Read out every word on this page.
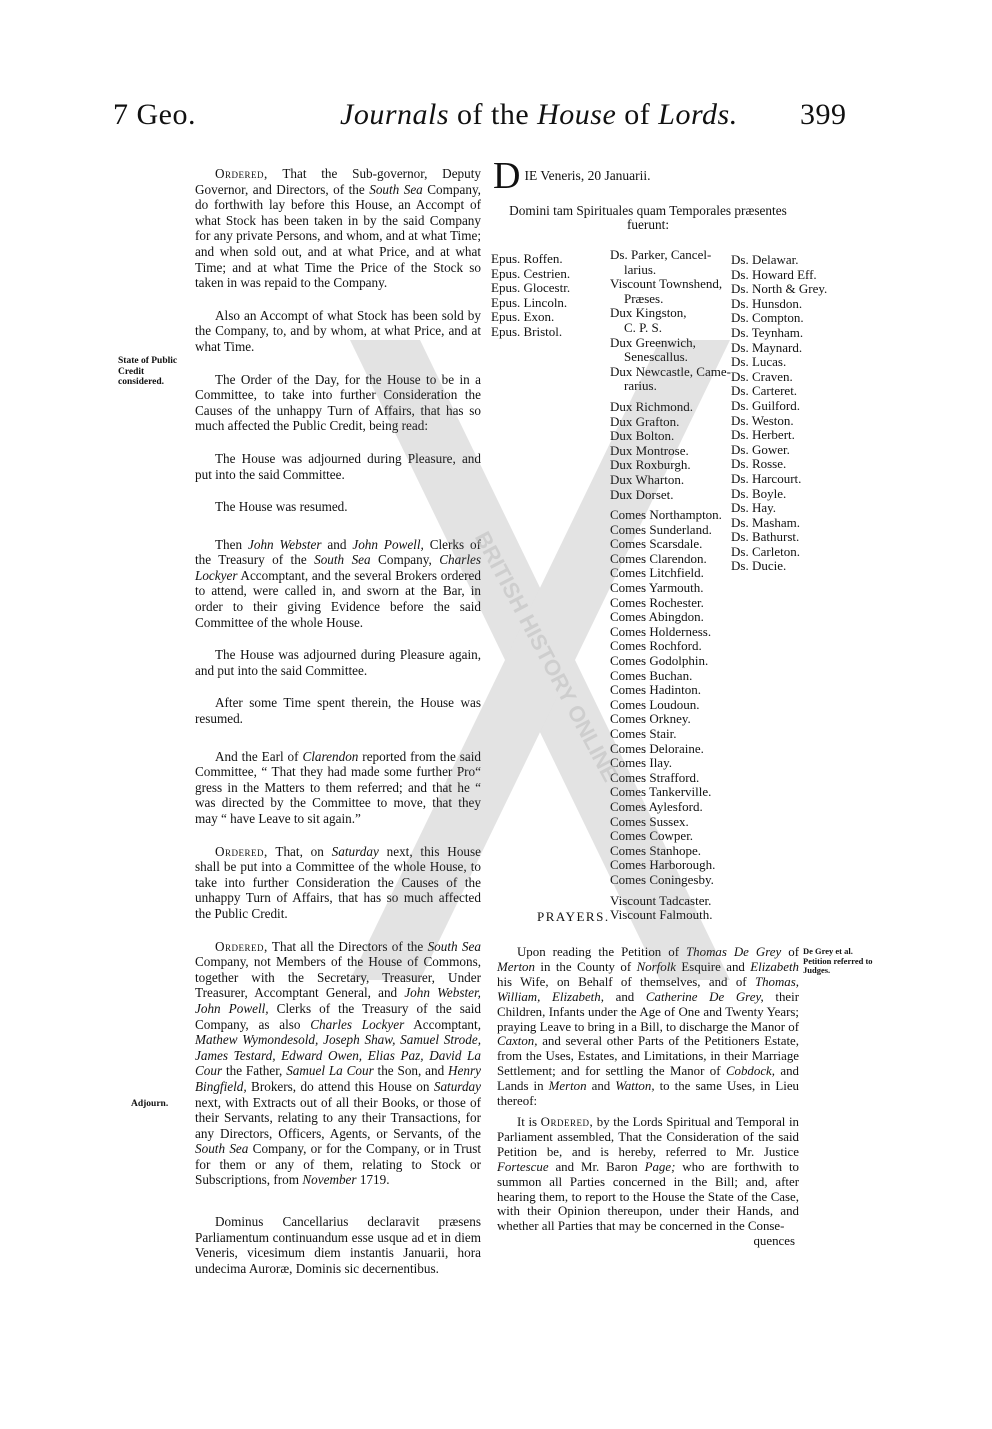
7 Geo.	Journals of the House of Lords. 399
State of Public Credit considered.
Adjourn.
De Grey et al. Petition referred to Judges.

Ordered, That the Sub-governor, Deputy Governor, and Directors, of the South Sea Company, do forthwith lay before this House, an Accompt of what Stock has been taken in by the said Company for any private Persons, and whom, and at what Time; and when sold out, and at what Price, and at what Time; and at what Time the Price of the Stock so taken in was repaid to the Company.

Also an Accompt of what Stock has been sold by the Company, to, and by whom, at what Price, and at what Time.

The Order of the Day, for the House to be in a Committee, to take into further Consideration the Causes of the unhappy Turn of Affairs, that has so much affected the Public Credit, being read:

The House was adjourned during Pleasure, and put into the said Committee.

The House was resumed.

Then John Webster and John Powell, Clerks of the Treasury of the South Sea Company, Charles Lockyer Accomptant, and the several Brokers ordered to attend, were called in, and sworn at the Bar, in order to their giving Evidence before the said Committee of the whole House.

The House was adjourned during Pleasure again, and put into the said Committee.

After some Time spent therein, the House was resumed.

And the Earl of Clarendon reported from the said Committee, “ That they had made some further Pro“ gress in the Matters to them referred; and that he “ was directed by the Committee to move, that they may “ have Leave to sit again.”

Ordered, That, on Saturday next, this House shall be put into a Committee of the whole House, to take into further Consideration the Causes of the unhappy Turn of Affairs, that has so much affected the Public Credit.

Ordered, That all the Directors of the South Sea Company, not Members of the House of Commons, together with the Secretary, Treasurer, Under Treasurer, Accomptant General, and John Webster, John Powell, Clerks of the Treasury of the said Company, as also Charles Lockyer Accomptant, Mathew Wymondesold, Joseph Shaw, Samuel Strode, James Testard, Edward Owen, Elias Paz, David La Cour the Father, Samuel La Cour the Son, and Henry Bingfield, Brokers, do attend this House on Saturday next, with Extracts out of all their Books, or those of their Servants, relating to any their Transactions, for any Directors, Officers, Agents, or Servants, of the South Sea Company, or for the Company, or in Trust for them or any of them, relating to Stock or Subscriptions, from November 1719.

Dominus Cancellarius declaravit præsens Parliamentum continuandum esse usque ad et in diem Veneris, vicesimum diem instantis Januarii, hora undecima Auroræ, Dominis sic decernentibus.

DIE Veneris, 20 Januarii.
Domini tam Spirituales quam Temporales præsentes
fuerunt:
Epus. Roffen.
Epus. Cestrien.
Epus. Glocestr.
Epus. Lincoln.
Epus. Exon.
Epus. Bristol.
Ds. Parker, Cancel-
larius.
Viscount Townshend,
Præses.
Dux Kingston,
C. P. S.
Dux Greenwich,
Senescallus.
Dux Newcastle, Came-
rarius.
Dux Richmond.
Dux Grafton.
Dux Bolton.
Dux Montrose.
Dux Roxburgh.
Dux Wharton.
Dux Dorset.
Comes Northampton.
Comes Sunderland.
Comes Scarsdale.
Comes Clarendon.
Comes Litchfield.
Comes Yarmouth.
Comes Rochester.
Comes Abingdon.
Comes Holderness.
Comes Rochford.
Comes Godolphin.
Comes Buchan.
Comes Hadinton.
Comes Loudoun.
Comes Orkney.
Comes Stair.
Comes Deloraine.
Comes Ilay.
Comes Strafford.
Comes Tankerville.
Comes Aylesford.
Comes Sussex.
Comes Cowper.
Comes Stanhope.
Comes Harborough.
Comes Coningesby.
Viscount Tadcaster.
Viscount Falmouth.
Ds. Delawar.
Ds. Howard Eff.
Ds. North & Grey.
Ds. Hunsdon.
Ds. Compton.
Ds. Teynham.
Ds. Maynard.
Ds. Lucas.
Ds. Craven.
Ds. Carteret.
Ds. Guilford.
Ds. Weston.
Ds. Herbert.
Ds. Gower.
Ds. Rosse.
Ds. Harcourt.
Ds. Boyle.
Ds. Hay.
Ds. Masham.
Ds. Bathurst.
Ds. Carleton.
Ds. Ducie.
PRAYERS.

Upon reading the Petition of Thomas De Grey of Merton in the County of Norfolk Esquire and Elizabeth his Wife, on Behalf of themselves, and of Thomas, William, Elizabeth, and Catherine De Grey, their Children, Infants under the Age of One and Twenty Years; praying Leave to bring in a Bill, to discharge the Manor of Caxton, and several other Parts of the Petitioners Estate, from the Uses, Estates, and Limitations, in their Marriage Settlement; and for settling the Manor of Cobdock, and Lands in Merton and Watton, to the same Uses, in Lieu thereof:

It is Ordered, by the Lords Spiritual and Temporal in Parliament assembled, That the Consideration of the said Petition be, and is hereby, referred to Mr. Justice Fortescue and Mr. Baron Page; who are forthwith to summon all Parties concerned in the Bill; and, after hearing them, to report to the House the State of the Case, with their Opinion thereupon, under their Hands, and whether all Parties that may be concerned in the Conse-

quences
BRITISH HISTORY ONLINE
